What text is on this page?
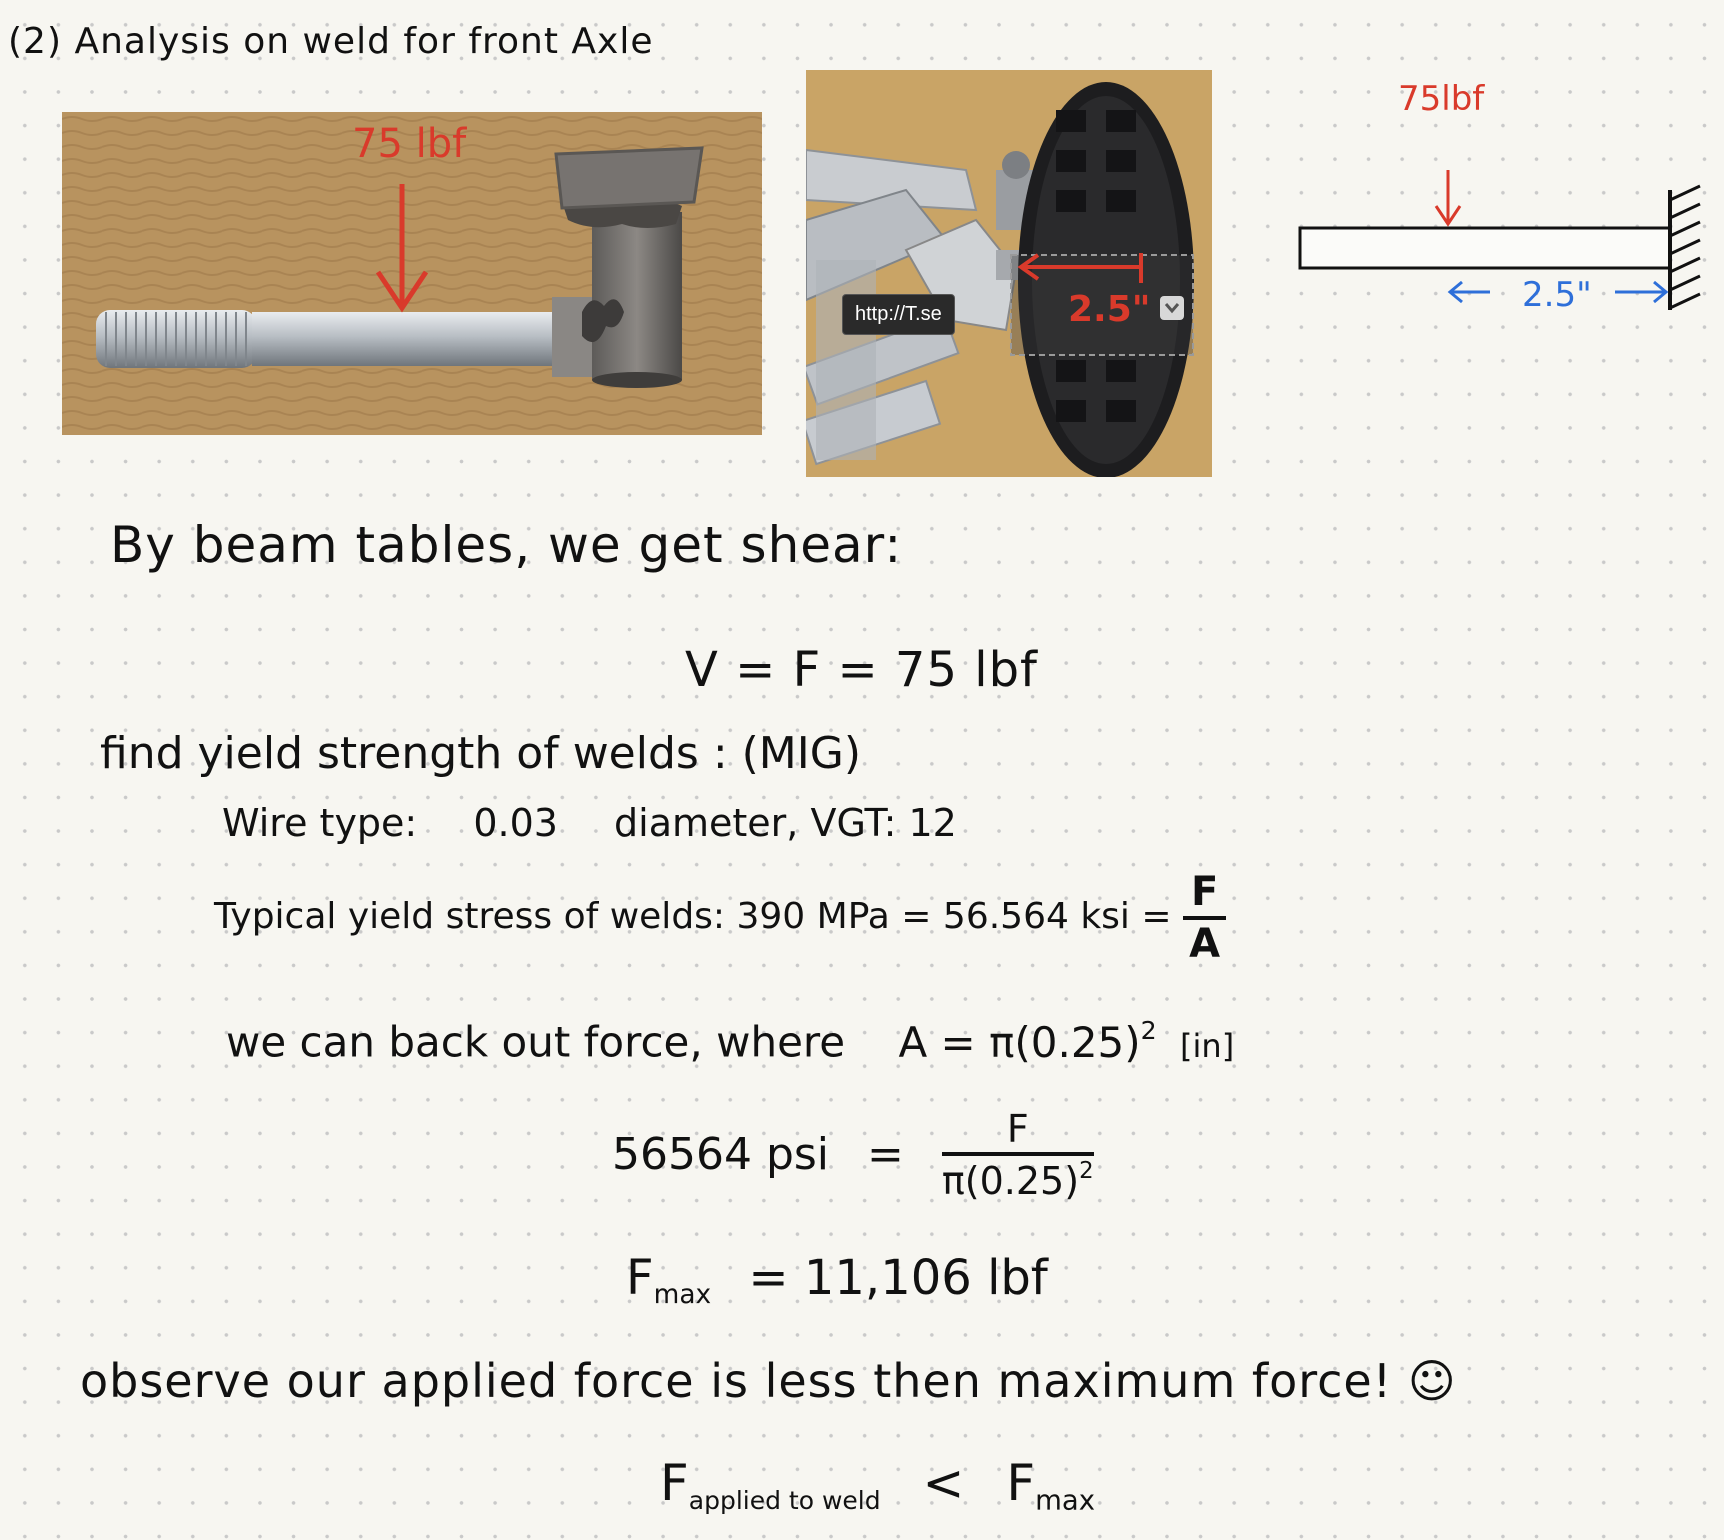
(2) Analysis on weld for front Axle
75 lbf
2.5"
http://T.se
75lbf
2.5"
By beam tables, we get shear:
V = F = 75 lbf
find yield strength of welds : (MIG)
Wire type: 0.03 diameter, VGT: 12
Typical yield stress of welds: 390 MPa = 56.564 ksi = $\frac{F}{A}$
we can back out force, where $A = \pi(0.25)^2$ [in]
56564 psi = $\frac{F}{\pi(0.25)^2}$
$F_{max} = 11,106$ lbf
observe our applied force is less then maximum force! ☺
$F_{applied to weld} < F_{max}$
